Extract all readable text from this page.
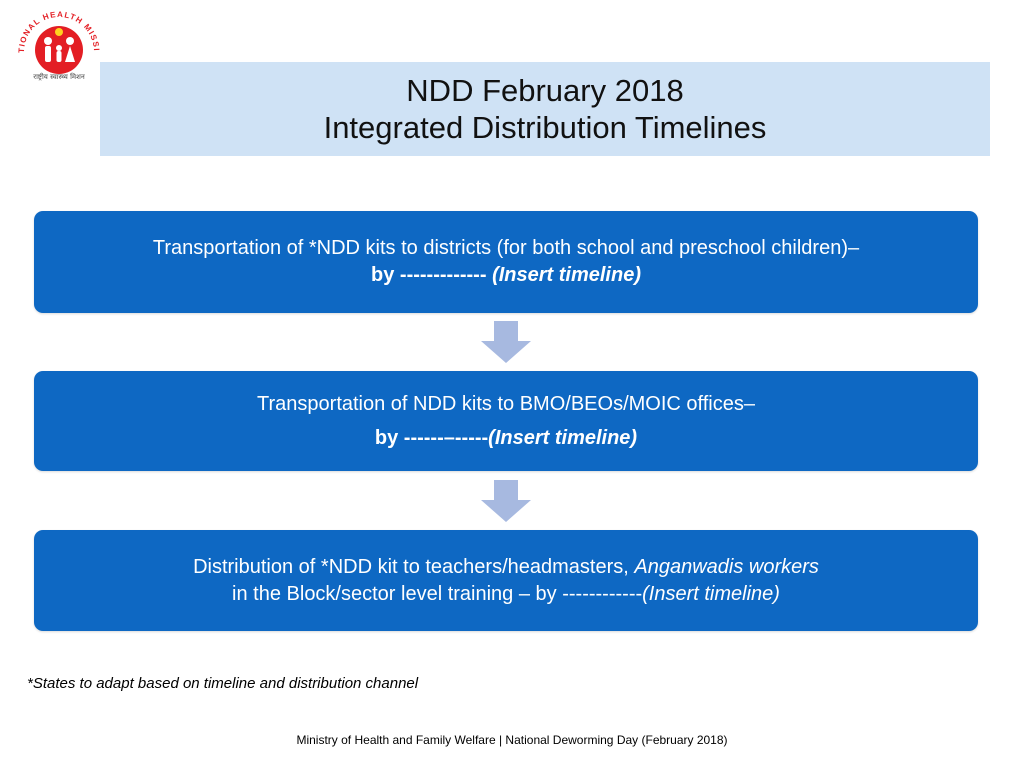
TIONAL HEALTH MISSI
राष्ट्रीय स्वास्थ्य मिशन	NDD February 2018
Integrated Distribution Timelines
Transportation of *NDD kits to districts (for both school and preschool children)–
by ------------- (Insert timeline)
Transportation of NDD kits to BMO/BEOs/MOIC offices–
by ------–-----(Insert timeline)
Distribution of *NDD kit to teachers/headmasters, Anganwadis workers
in the Block/sector level training – by ------------(Insert timeline)
*States to adapt based on timeline and distribution channel
Ministry of Health and Family Welfare | National Deworming Day (February 2018)
